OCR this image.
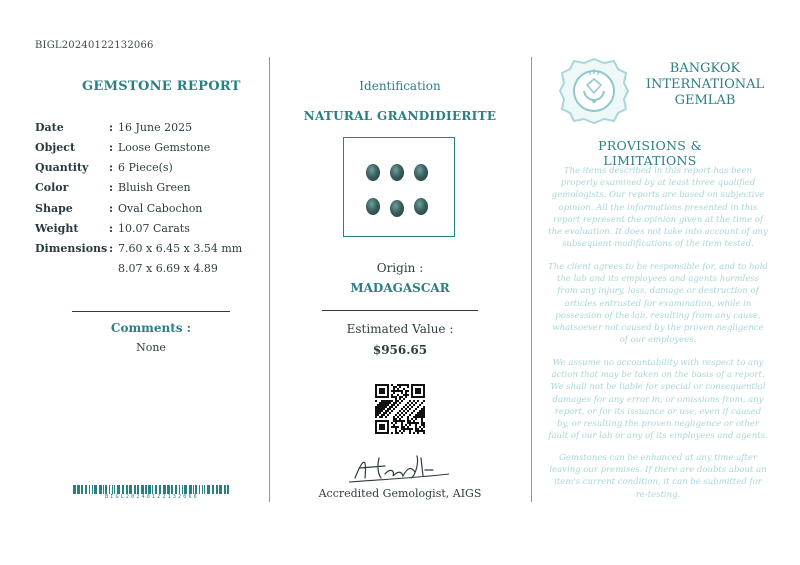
BIGL20240122132066
GEMSTONE REPORT
Date	: 16 June 2025
Object	: Loose Gemstone
Quantity	: 6 Piece(s)
Color	: Bluish Green
Shape	: Oval Cabochon
Weight	: 10.07 Carats
Dimensions : 7.60 x 6.45 x 3.54 mm
8.07 x 6.69 x 4.89
Comments :
None
BIGL20240122132066
Identification
NATURAL GRANDIDIERITE
Origin :
MADAGASCAR
Estimated Value :
$956.65
Accredited Gemologist, AIGS
BANGKOK
INTERNATIONAL
GEMLAB
PROVISIONS & LIMITATIONS
The items described in this report has been properly examined by at least three qualified gemologists. Our reports are based on subjective opinion. All the informations presented in this report represent the opinion given at the time of the evaluation. It does not take into account of any subsequent modifications of the item tested.
The client agrees to be responsible for, and to hold the lab and its employees and agents harmless from any injury, loss, damage or destruction of articles entrusted for examination, while in possession of the lab, resulting from any cause, whatsoever not caused by the proven negligence of our employees.
We assume no accountability with respect to any action that may be taken on the basis of a report. We shall not be liable for special or consequential damages for any error in, or omissions from, any report, or for its issuance or use, even if caused by, or resulting the proven negligence or other fault of our lab or any of its employees and agents.
Gemstones can be enhanced at any time after leaving our premises. If there are doubts about an item's current condition, it can be submitted for re-testing.
